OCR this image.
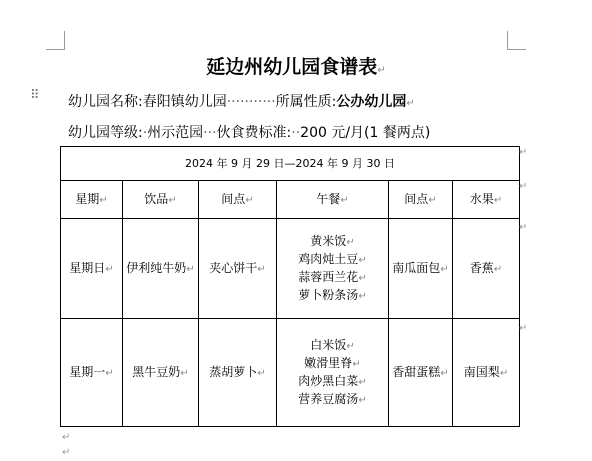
延边州幼儿园食谱表↵
⠿ 幼儿园名称:春阳镇幼儿园···········所属性质:公办幼儿园↵
幼儿园等级:·州示范园···伙食费标准:··200 元/月(1 餐两点)
2024 年 9 月 29 日—2024 年 9 月 30 日					
星期↵	饮品↵	间点↵	午餐↵	间点↵	水果↵
星期日↵	伊利纯牛奶↵	夹心饼干↵	黄米饭↵
鸡肉炖土豆↵
蒜蓉西兰花↵
萝卜粉条汤↵	南瓜面包↵	香蕉↵
星期一↵	黑牛豆奶↵	蒸胡萝卜↵	白米饭↵
嫩滑里脊↵
肉炒黑白菜↵
营养豆腐汤↵	香甜蛋糕↵	南国梨↵
↵
↵
↵
↵
↵
↵
